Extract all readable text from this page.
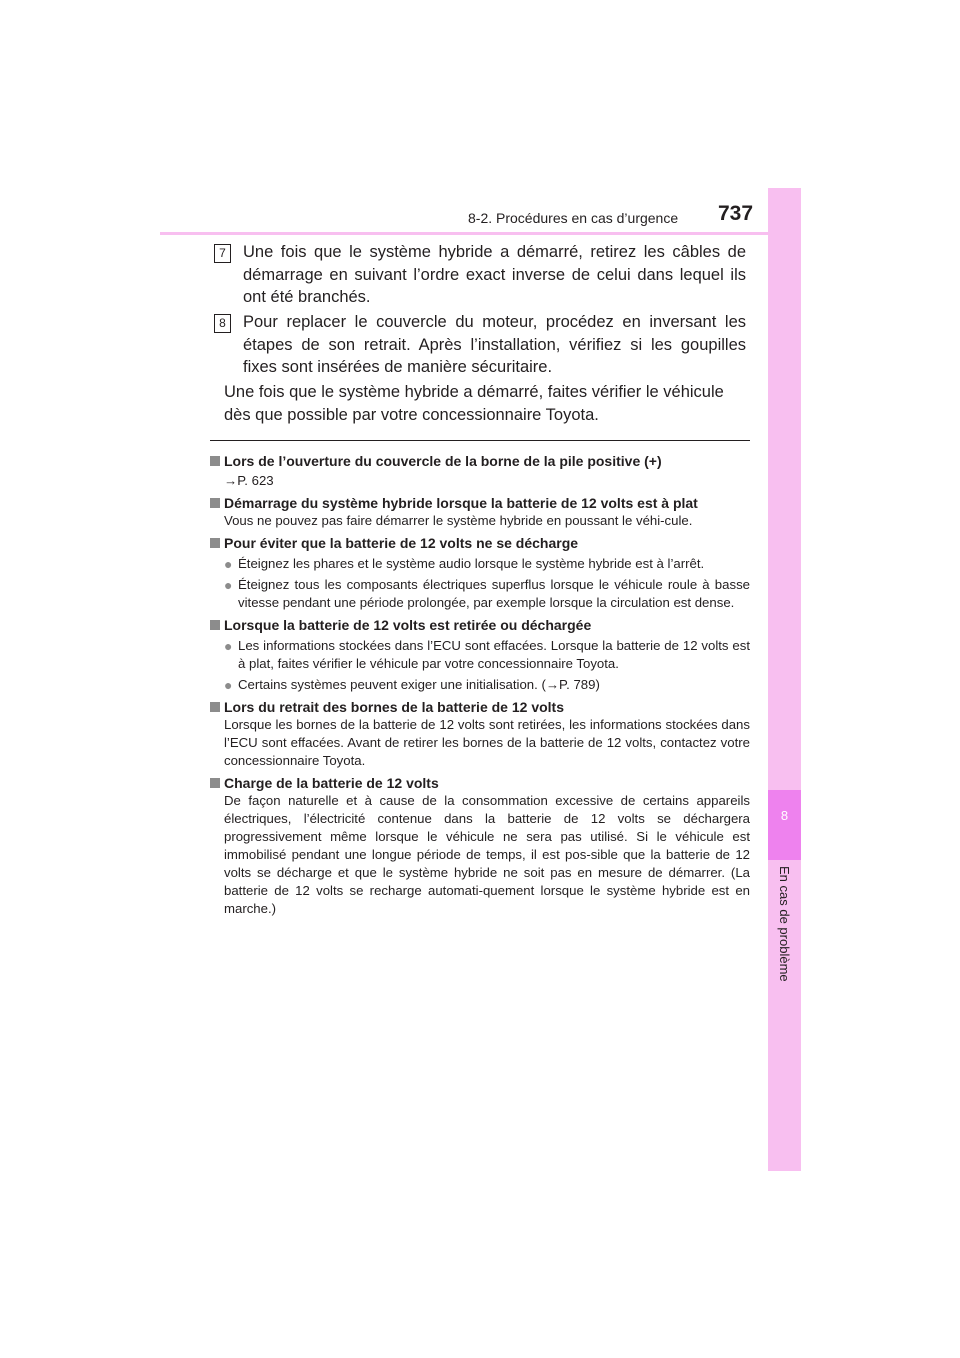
8
En cas de problème
8-2. Procédures en cas d’urgence 737
7	Une fois que le système hybride a démarré, retirez les câbles de démarrage en suivant l’ordre exact inverse de celui dans lequel ils ont été branchés.
8	Pour replacer le couvercle du moteur, procédez en inversant les étapes de son retrait. Après l’installation, vérifiez si les goupilles fixes sont insérées de manière sécuritaire.
Une fois que le système hybride a démarré, faites vérifier le véhicule dès que possible par votre concessionnaire Toyota.
Lors de l’ouverture du couvercle de la borne de la pile positive (+)
→P. 623
Démarrage du système hybride lorsque la batterie de 12 volts est à plat
Vous ne pouvez pas faire démarrer le système hybride en poussant le véhi-cule.
Pour éviter que la batterie de 12 volts ne se décharge
● Éteignez les phares et le système audio lorsque le système hybride est à l’arrêt.
● Éteignez tous les composants électriques superflus lorsque le véhicule roule à basse vitesse pendant une période prolongée, par exemple lorsque la circulation est dense.
Lorsque la batterie de 12 volts est retirée ou déchargée
● Les informations stockées dans l’ECU sont effacées. Lorsque la batterie de 12 volts est à plat, faites vérifier le véhicule par votre concessionnaire Toyota.
● Certains systèmes peuvent exiger une initialisation. (→P. 789)
Lors du retrait des bornes de la batterie de 12 volts
Lorsque les bornes de la batterie de 12 volts sont retirées, les informations stockées dans l’ECU sont effacées. Avant de retirer les bornes de la batterie de 12 volts, contactez votre concessionnaire Toyota.
Charge de la batterie de 12 volts
De façon naturelle et à cause de la consommation excessive de certains appareils électriques, l’électricité contenue dans la batterie de 12 volts se déchargera progressivement même lorsque le véhicule ne sera pas utilisé. Si le véhicule est immobilisé pendant une longue période de temps, il est pos-sible que la batterie de 12 volts se décharge et que le système hybride ne soit pas en mesure de démarrer. (La batterie de 12 volts se recharge automati-quement lorsque le système hybride est en marche.)
